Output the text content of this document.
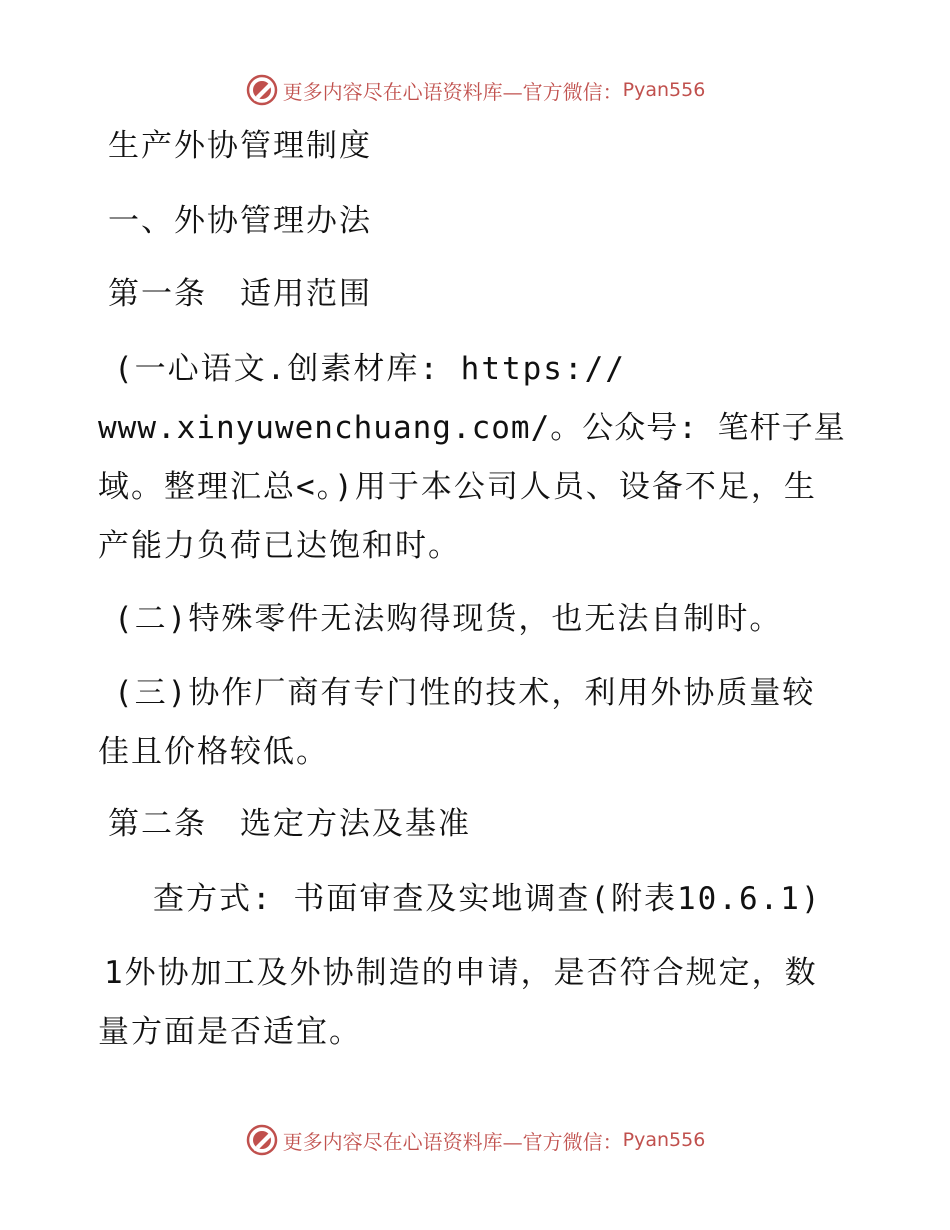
更多内容尽在心语资料库—官方微信： Pyan556
生产外协管理制度
一、外协管理办法
第一条　适用范围
(一心语文.创素材库: https://
www.xinyuwenchuang.com/。公众号: 笔杆子星
域。整理汇总<。)用于本公司人员、设备不足，生
产能力负荷已达饱和时。
(二)特殊零件无法购得现货，也无法自制时。
(三)协作厂商有专门性的技术，利用外协质量较
佳且价格较低。
第二条　选定方法及基准
查方式: 书面审查及实地调查(附表10.6.1)
1外协加工及外协制造的申请，是否符合规定，数
量方面是否适宜。
更多内容尽在心语资料库—官方微信： Pyan556
